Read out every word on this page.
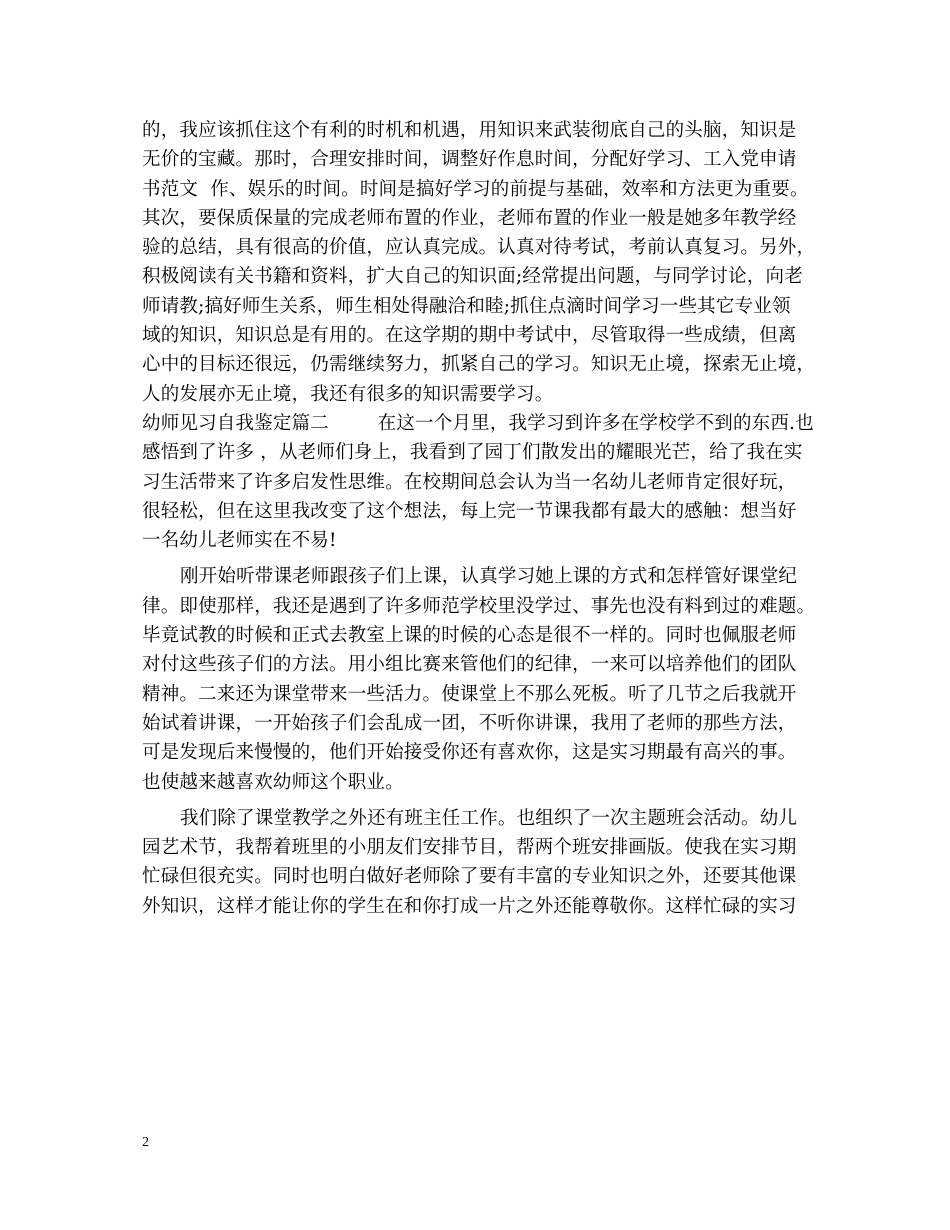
的，我应该抓住这个有利的时机和机遇，用知识来武装彻底自己的头脑，知识是
无价的宝藏。那时，合理安排时间，调整好作息时间，分配好学习、工入党申请
书范文  作、娱乐的时间。时间是搞好学习的前提与基础，效率和方法更为重要。
其次，要保质保量的完成老师布置的作业，老师布置的作业一般是她多年教学经
验的总结，具有很高的价值，应认真完成。认真对待考试，考前认真复习。另外，
积极阅读有关书籍和资料，扩大自己的知识面;经常提出问题，与同学讨论，向老
师请教;搞好师生关系，师生相处得融洽和睦;抓住点滴时间学习一些其它专业领
域的知识，知识总是有用的。在这学期的期中考试中，尽管取得一些成绩，但离
心中的目标还很远，仍需继续努力，抓紧自己的学习。知识无止境，探索无止境，
人的发展亦无止境，我还有很多的知识需要学习。
幼师见习自我鉴定篇二        在这一个月里，我学习到许多在学校学不到的东西.也
感悟到了许多 ，从老师们身上，我看到了园丁们散发出的耀眼光芒，给了我在实
习生活带来了许多启发性思维。在校期间总会认为当一名幼儿老师肯定很好玩，
很轻松，但在这里我改变了这个想法，每上完一节课我都有最大的感触：想当好
一名幼儿老师实在不易!
刚开始听带课老师跟孩子们上课，认真学习她上课的方式和怎样管好课堂纪
律。即使那样，我还是遇到了许多师范学校里没学过、事先也没有料到过的难题。
毕竟试教的时候和正式去教室上课的时候的心态是很不一样的。同时也佩服老师
对付这些孩子们的方法。用小组比赛来管他们的纪律，一来可以培养他们的团队
精神。二来还为课堂带来一些活力。使课堂上不那么死板。听了几节之后我就开
始试着讲课，一开始孩子们会乱成一团，不听你讲课，我用了老师的那些方法，
可是发现后来慢慢的，他们开始接受你还有喜欢你，这是实习期最有高兴的事。
也使越来越喜欢幼师这个职业。
我们除了课堂教学之外还有班主任工作。也组织了一次主题班会活动。幼儿
园艺术节，我帮着班里的小朋友们安排节目，帮两个班安排画版。使我在实习期
忙碌但很充实。同时也明白做好老师除了要有丰富的专业知识之外，还要其他课
外知识，这样才能让你的学生在和你打成一片之外还能尊敬你。这样忙碌的实习
2
